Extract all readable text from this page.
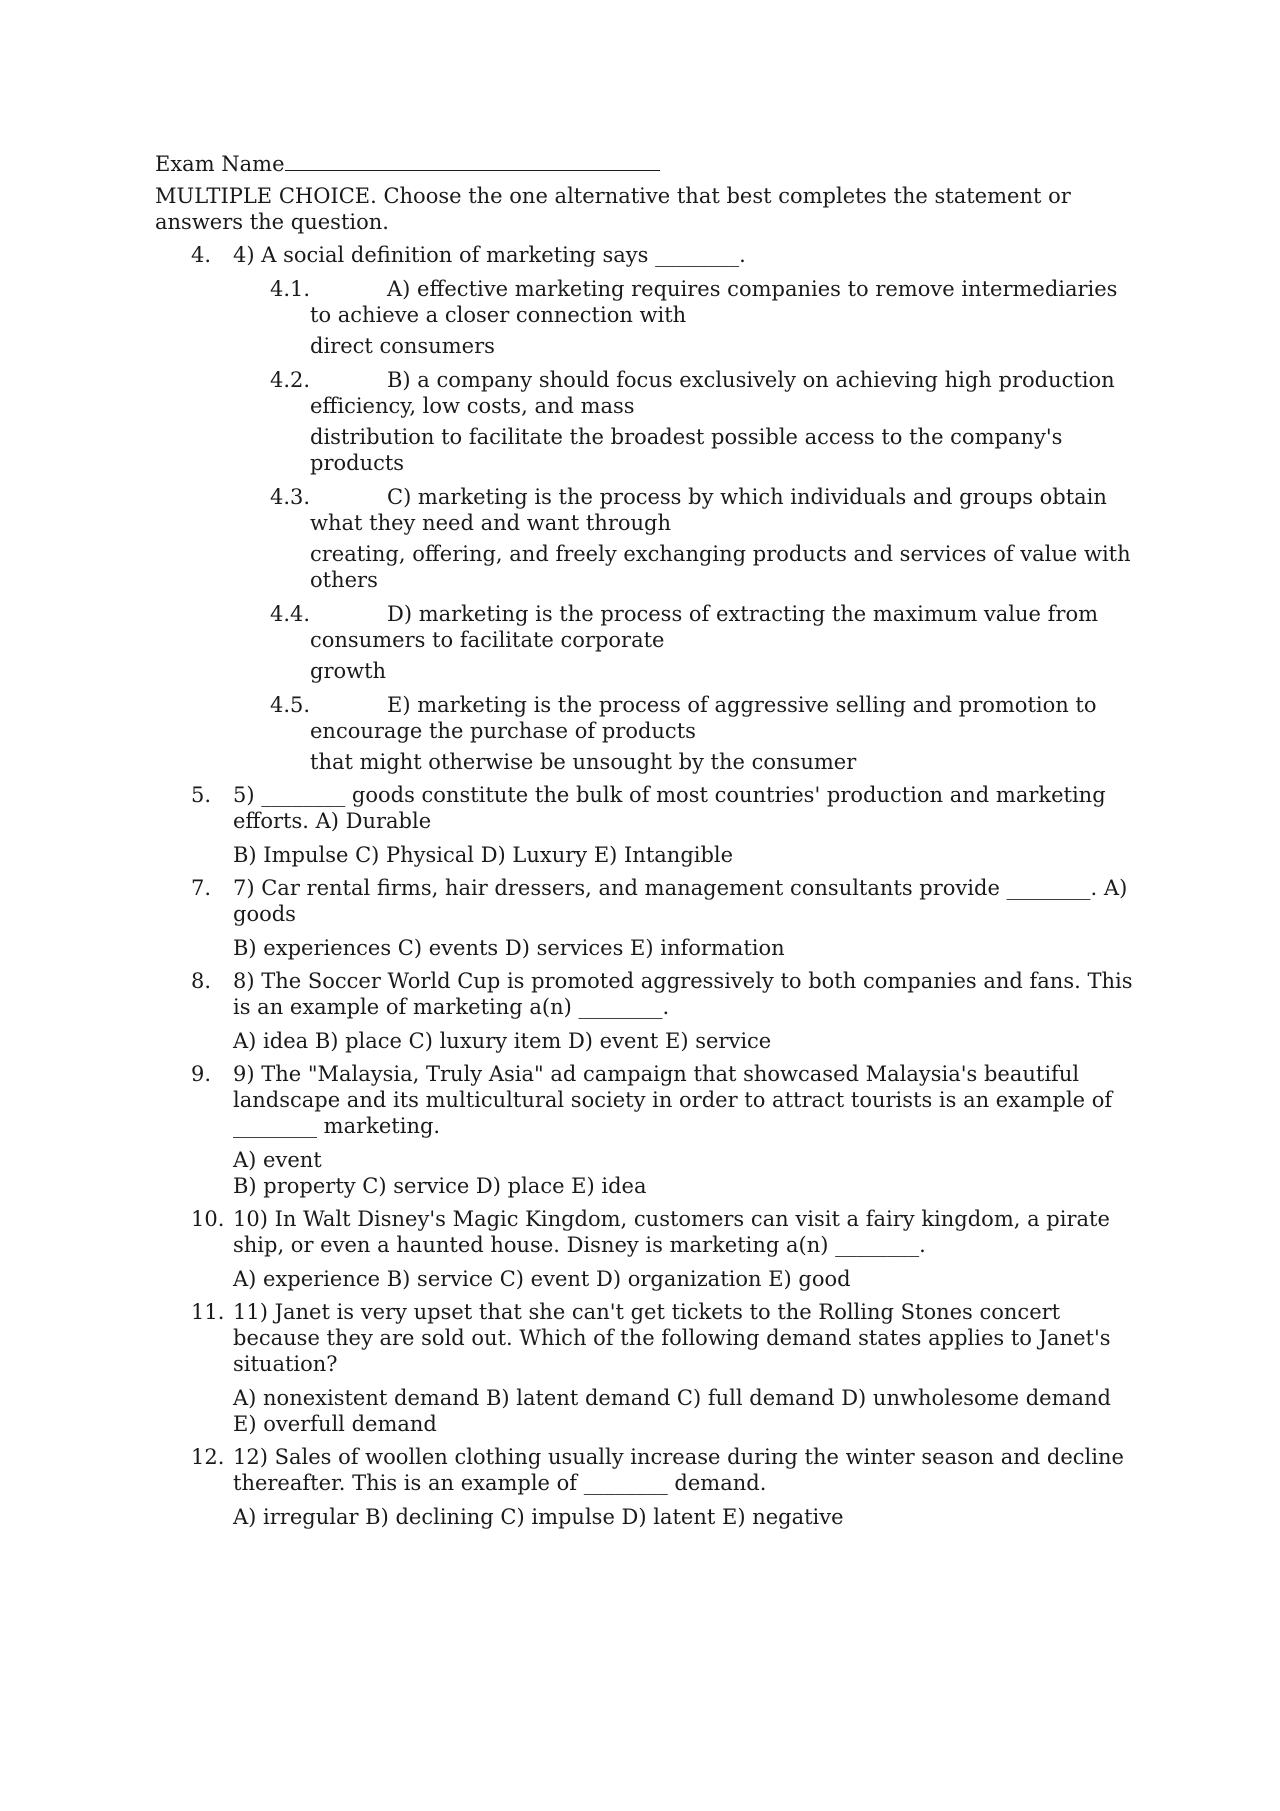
Exam Name

MULTIPLE CHOICE. Choose the one alternative that best completes the statement or answers the question.

4. 4) A social definition of marketing says ________.

4.1.	A) effective marketing requires companies to remove intermediaries to achieve a closer connection with

direct consumers

4.2.	B) a company should focus exclusively on achieving high production efficiency, low costs, and mass

distribution to facilitate the broadest possible access to the company's products

4.3.	C) marketing is the process by which individuals and groups obtain what they need and want through

creating, offering, and freely exchanging products and services of value with others

4.4.	D) marketing is the process of extracting the maximum value from consumers to facilitate corporate

growth

4.5.	E) marketing is the process of aggressive selling and promotion to encourage the purchase of products

that might otherwise be unsought by the consumer

5. 5) ________ goods constitute the bulk of most countries' production and marketing efforts. A) Durable

B) Impulse C) Physical D) Luxury E) Intangible

7. 7) Car rental firms, hair dressers, and management consultants provide ________. A) goods

B) experiences C) events D) services E) information

8. 8) The Soccer World Cup is promoted aggressively to both companies and fans. This is an example of marketing a(n) ________.

A) idea B) place C) luxury item D) event E) service

9. 9) The "Malaysia, Truly Asia" ad campaign that showcased Malaysia's beautiful landscape and its multicultural society in order to attract tourists is an example of ________ marketing.

A) event

B) property C) service D) place E) idea

10. 10) In Walt Disney's Magic Kingdom, customers can visit a fairy kingdom, a pirate ship, or even a haunted house. Disney is marketing a(n) ________.

A) experience B) service C) event D) organization E) good

11. 11) Janet is very upset that she can't get tickets to the Rolling Stones concert because they are sold out. Which of the following demand states applies to Janet's situation?

A) nonexistent demand B) latent demand C) full demand D) unwholesome demand E) overfull demand

12. 12) Sales of woollen clothing usually increase during the winter season and decline thereafter. This is an example of ________ demand.

A) irregular B) declining C) impulse D) latent E) negative
